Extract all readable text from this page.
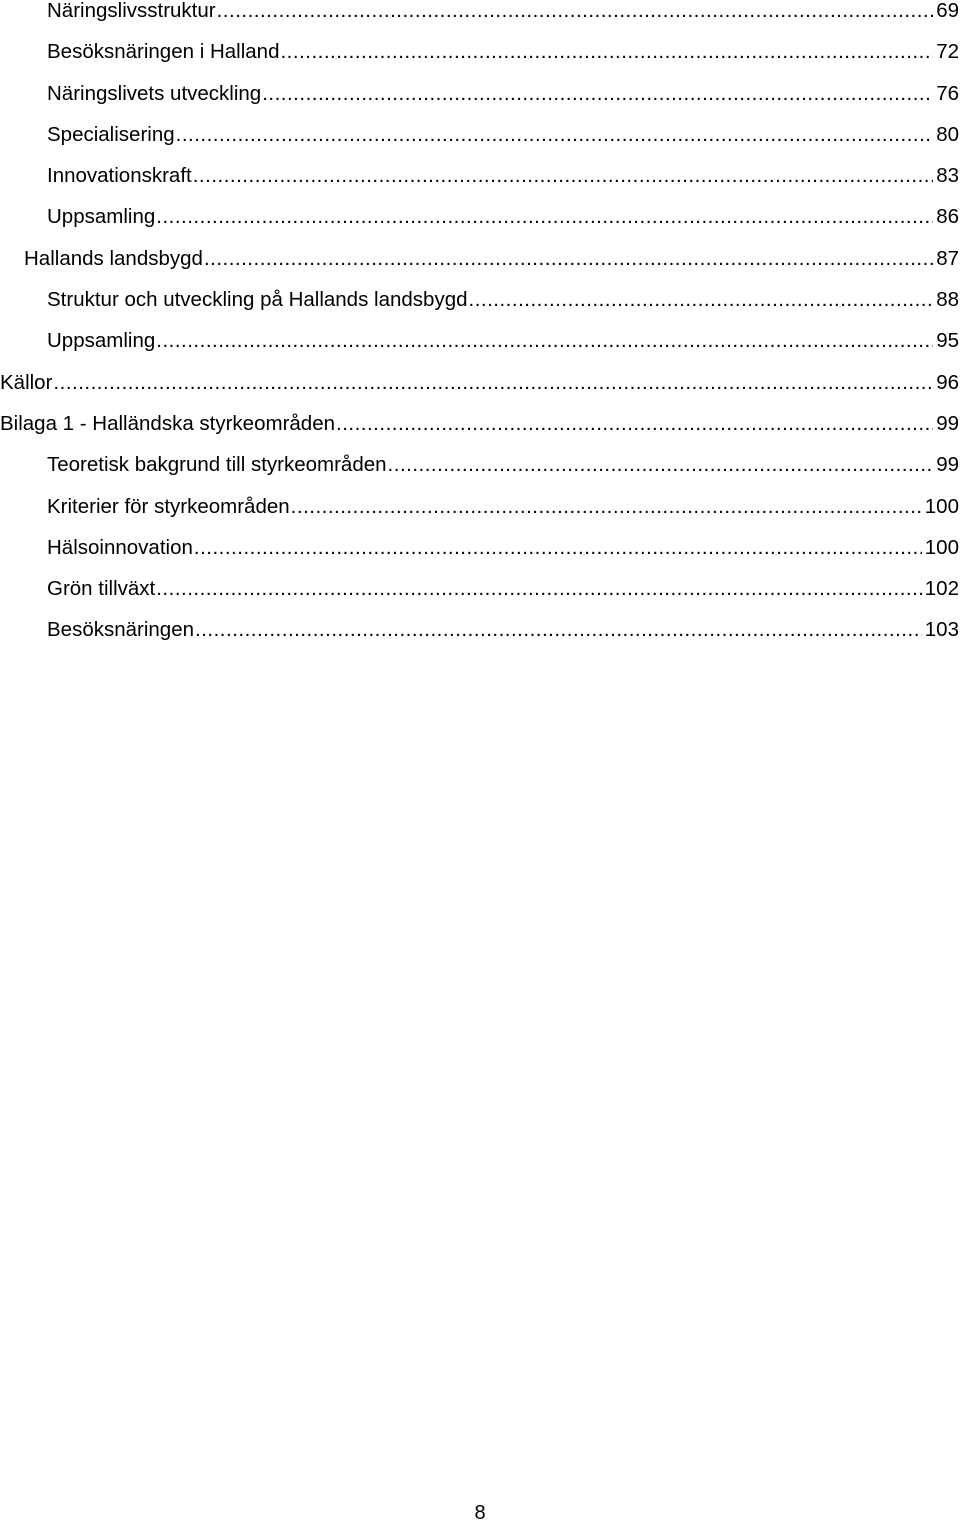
Näringslivsstruktur .....	69
Besöksnäringen i Halland .....	72
Näringslivets utveckling .....	76
Specialisering .....	80
Innovationskraft .....	83
Uppsamling .....	86
Hallands landsbygd .....	87
Struktur och utveckling på Hallands landsbygd .....	88
Uppsamling .....	95
Källor .....	96
Bilaga 1 - Halländska styrkeområden .....	99
Teoretisk bakgrund till styrkeområden .....	99
Kriterier för styrkeområden .....	100
Hälsoinnovation .....	100
Grön tillväxt .....	102
Besöksnäringen .....	103
8
